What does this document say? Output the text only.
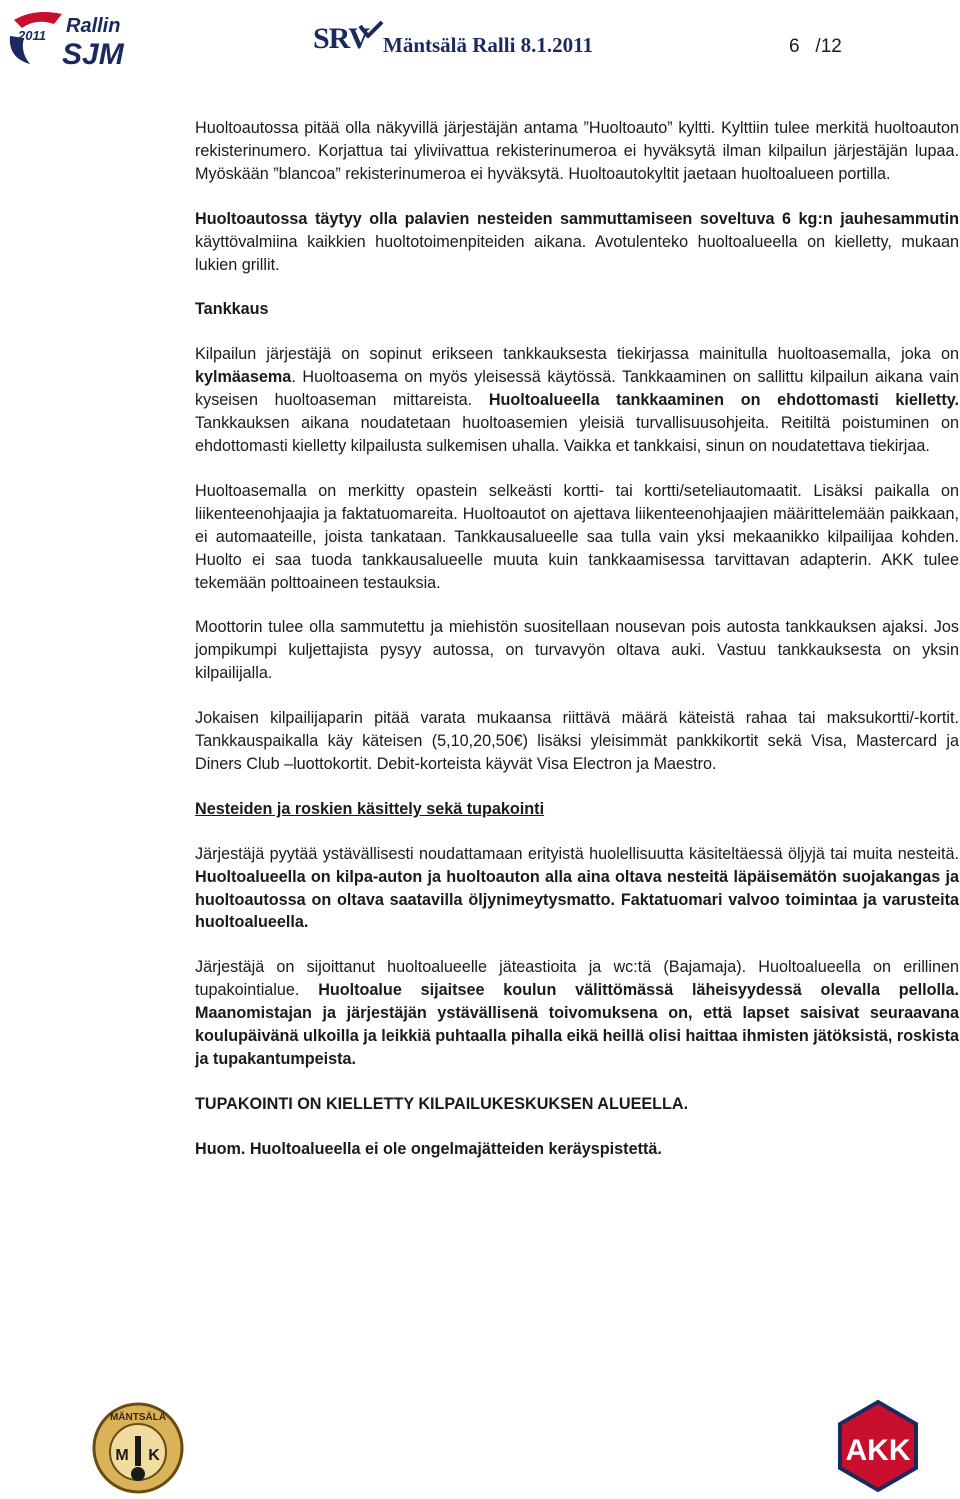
2011 Rallin
SJM	SRV Mäntsälä Ralli 8.1.2011	6 /12

Huoltoautossa pitää olla näkyvillä järjestäjän antama ”Huoltoauto” kyltti. Kylttiin tulee merkitä huoltoauton rekisterinumero. Korjattua tai yliviivattua rekisterinumeroa ei hyväksytä ilman kilpailun järjestäjän lupaa. Myöskään ”blancoa” rekisterinumeroa ei hyväksytä. Huoltoautokyltit jaetaan huoltoalueen portilla.

Huoltoautossa täytyy olla palavien nesteiden sammuttamiseen soveltuva 6 kg:n jauhesammutin käyttövalmiina kaikkien huoltotoimenpiteiden aikana. Avotulenteko huoltoalueella on kielletty, mukaan lukien grillit.

Tankkaus

Kilpailun järjestäjä on sopinut erikseen tankkauksesta tiekirjassa mainitulla huoltoasemalla, joka on kylmäasema. Huoltoasema on myös yleisessä käytössä. Tankkaaminen on sallittu kilpailun aikana vain kyseisen huoltoaseman mittareista. Huoltoalueella tankkaaminen on ehdottomasti kielletty. Tankkauksen aikana noudatetaan huoltoasemien yleisiä turvallisuusohjeita. Reitiltä poistuminen on ehdottomasti kielletty kilpailusta sulkemisen uhalla. Vaikka et tankkaisi, sinun on noudatettava tiekirjaa.

Huoltoasemalla on merkitty opastein selkeästi kortti- tai kortti/seteliautomaatit. Lisäksi paikalla on liikenteenohjaajia ja faktatuomareita. Huoltoautot on ajettava liikenteenohjaajien määrittelemään paikkaan, ei automaateille, joista tankataan. Tankkausalueelle saa tulla vain yksi mekaanikko kilpailijaa kohden. Huolto ei saa tuoda tankkausalueelle muuta kuin tankkaamisessa tarvittavan adapterin. AKK tulee tekemään polttoaineen testauksia.

Moottorin tulee olla sammutettu ja miehistön suositellaan nousevan pois autosta tankkauksen ajaksi. Jos jompikumpi kuljettajista pysyy autossa, on turvavyön oltava auki. Vastuu tankkauksesta on yksin kilpailijalla.

Jokaisen kilpailijaparin pitää varata mukaansa riittävä määrä käteistä rahaa tai maksukortti/-kortit. Tankkauspaikalla käy käteisen (5,10,20,50€) lisäksi yleisimmät pankkikortit sekä Visa, Mastercard ja Diners Club –luottokortit. Debit-korteista käyvät Visa Electron ja Maestro.

Nesteiden ja roskien käsittely sekä tupakointi

Järjestäjä pyytää ystävällisesti noudattamaan erityistä huolellisuutta käsiteltäessä öljyjä tai muita nesteitä. Huoltoalueella on kilpa-auton ja huoltoauton alla aina oltava nesteitä läpäisemätön suojakangas ja huoltoautossa on oltava saatavilla öljynimeytysmatto. Faktatuomari valvoo toimintaa ja varusteita huoltoalueella.

Järjestäjä on sijoittanut huoltoalueelle jäteastioita ja wc:tä (Bajamaja). Huoltoalueella on erillinen tupakointialue. Huoltoalue sijaitsee koulun välittömässä läheisyydessä olevalla pellolla. Maanomistajan ja järjestäjän ystävällisenä toivomuksena on, että lapset saisivat seuraavana koulupäivänä ulkoilla ja leikkiä puhtaalla pihalla eikä heillä olisi haittaa ihmisten jätöksistä, roskista ja tupakantumpeista.

TUPAKOINTI ON KIELLETTY KILPAILUKESKUKSEN ALUEELLA.

Huom. Huoltoalueella ei ole ongelmajätteiden keräyspistettä.

MÄNTSÄLÄ
M K	AKK
